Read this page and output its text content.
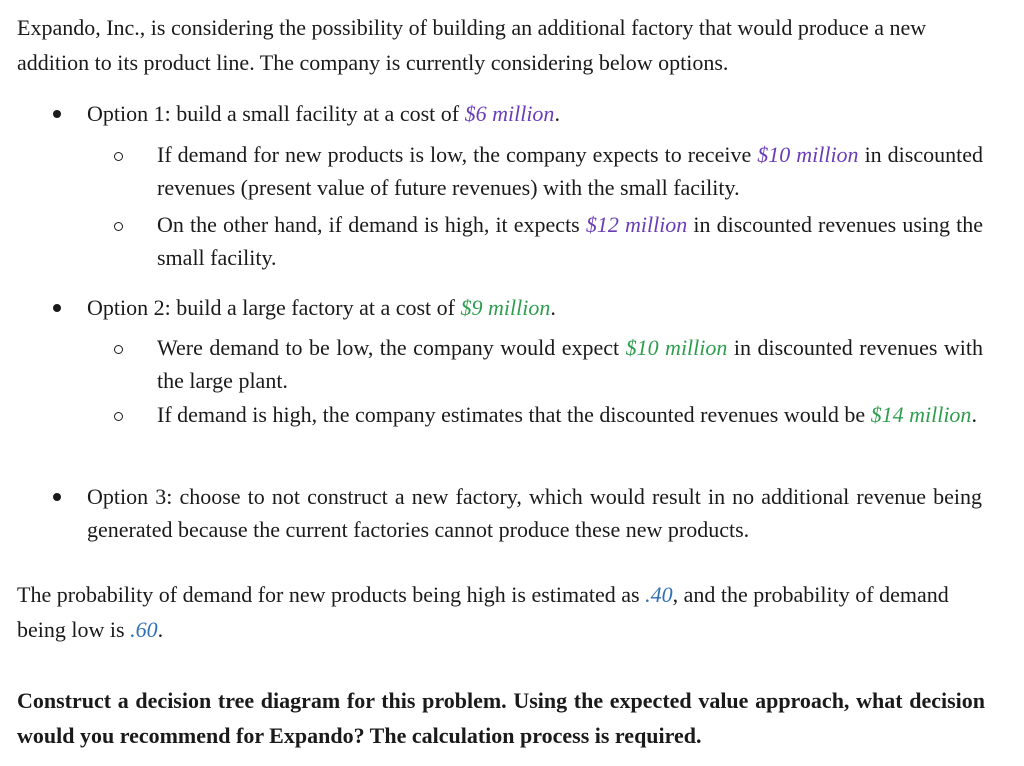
Expando, Inc., is considering the possibility of building an additional factory that would produce a new addition to its product line. The company is currently considering below options.

Option 1: build a small facility at a cost of $6 million.
If demand for new products is low, the company expects to receive $10 million in discounted revenues (present value of future revenues) with the small facility.
On the other hand, if demand is high, it expects $12 million in discounted revenues using the small facility.
Option 2: build a large factory at a cost of $9 million.
Were demand to be low, the company would expect $10 million in discounted revenues with the large plant.
If demand is high, the company estimates that the discounted revenues would be $14 million.
Option 3: choose to not construct a new factory, which would result in no additional revenue being generated because the current factories cannot produce these new products.

The probability of demand for new products being high is estimated as .40, and the probability of demand being low is .60.

Construct a decision tree diagram for this problem. Using the expected value approach, what decision would you recommend for Expando? The calculation process is required.
